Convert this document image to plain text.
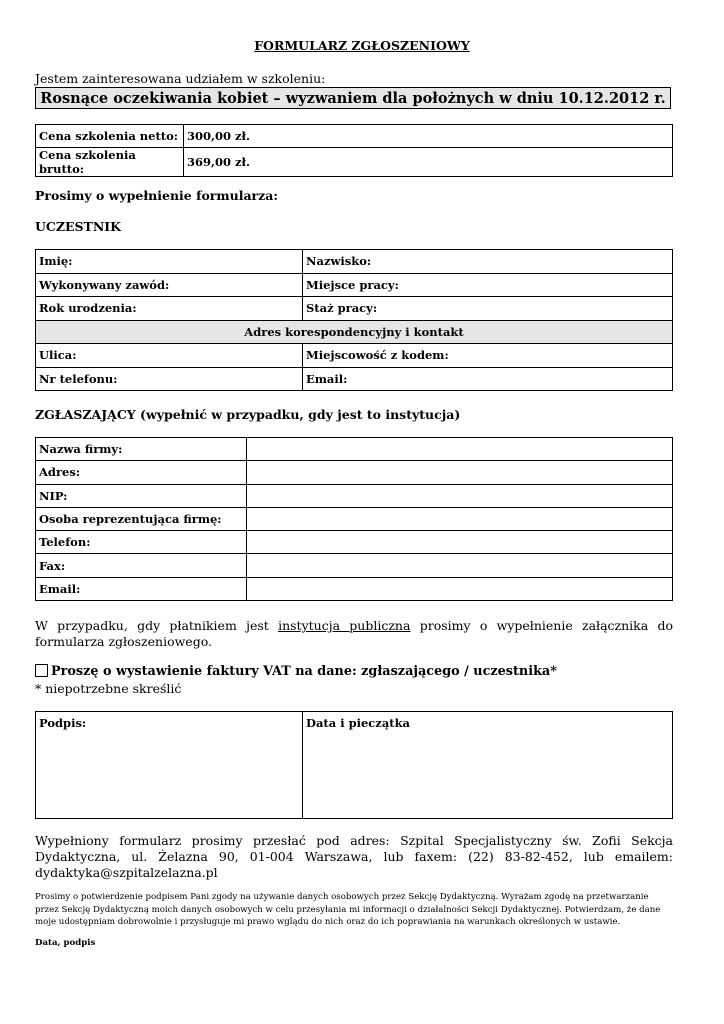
FORMULARZ ZGŁOSZENIOWY
Jestem zainteresowana udziałem w szkoleniu:
Rosnące oczekiwania kobiet – wyzwaniem dla położnych w dniu 10.12.2012 r.
Cena szkolenia netto:	300,00 zł.
Cena szkolenia brutto:	369,00 zł.
Prosimy o wypełnienie formularza:
UCZESTNIK
Imię:	Nazwisko:
Wykonywany zawód:	Miejsce pracy:
Rok urodzenia:	Staż pracy:
Adres korespondencyjny i kontakt	
Ulica:	Miejscowość z kodem:
Nr telefonu:	Email:
ZGŁASZAJĄCY (wypełnić w przypadku, gdy jest to instytucja)
Nazwa firmy:	
Adres:	
NIP:	
Osoba reprezentująca firmę:	
Telefon:	
Fax:	
Email:	
W przypadku, gdy płatnikiem jest instytucja publiczna prosimy o wypełnienie załącznika do formularza zgłoszeniowego.
Proszę o wystawienie faktury VAT na dane: zgłaszającego / uczestnika*
* niepotrzebne skreślić
Podpis:	Data i pieczątka
Wypełniony formularz prosimy przesłać pod adres: Szpital Specjalistyczny św. Zofii Sekcja Dydaktyczna, ul. Żelazna 90, 01-004 Warszawa, lub faxem: (22) 83-82-452, lub emailem: dydaktyka@szpitalzelazna.pl
Prosimy o potwierdzenie podpisem Pani zgody na używanie danych osobowych przez Sekcję Dydaktyczną. Wyrażam zgodę na przetwarzanie przez Sekcję Dydaktyczną moich danych osobowych w celu przesyłania mi informacji o działalności Sekcji Dydaktycznej. Potwierdzam, że dane moje udostępniam dobrowolnie i przysługuje mi prawo wglądu do nich oraz do ich poprawiania na warunkach określonych w ustawie.
Data, podpis
